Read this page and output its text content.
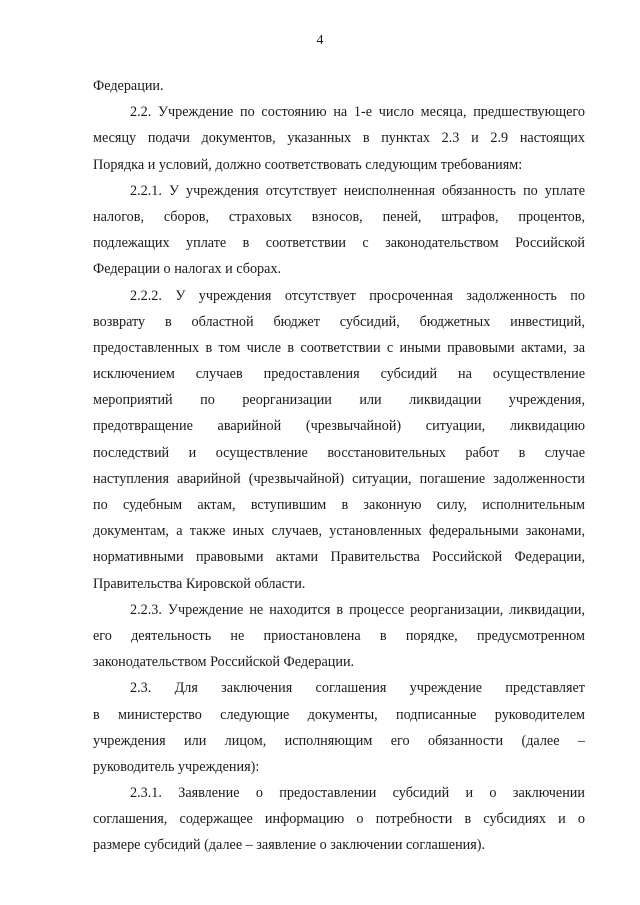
4
Федерации.
2.2. Учреждение по состоянию на 1-е число месяца, предшествующего
месяцу подачи документов, указанных в пунктах 2.3 и 2.9 настоящих
Порядка и условий, должно соответствовать следующим требованиям:
2.2.1. У учреждения отсутствует неисполненная обязанность по уплате
налогов, сборов, страховых взносов, пеней, штрафов, процентов,
подлежащих уплате в соответствии с законодательством Российской
Федерации о налогах и сборах.
2.2.2. У учреждения отсутствует просроченная задолженность по
возврату в областной бюджет субсидий, бюджетных инвестиций,
предоставленных в том числе в соответствии с иными правовыми актами, за
исключением случаев предоставления субсидий на осуществление
мероприятий по реорганизации или ликвидации учреждения,
предотвращение аварийной (чрезвычайной) ситуации, ликвидацию
последствий и осуществление восстановительных работ в случае
наступления аварийной (чрезвычайной) ситуации, погашение задолженности
по судебным актам, вступившим в законную силу, исполнительным
документам, а также иных случаев, установленных федеральными законами,
нормативными правовыми актами Правительства Российской Федерации,
Правительства Кировской области.
2.2.3. Учреждение не находится в процессе реорганизации, ликвидации,
его деятельность не приостановлена в порядке, предусмотренном
законодательством Российской Федерации.
2.3. Для заключения соглашения учреждение представляет
в министерство следующие документы, подписанные руководителем
учреждения или лицом, исполняющим его обязанности (далее –
руководитель учреждения):
2.3.1. Заявление о предоставлении субсидий и о заключении
соглашения, содержащее информацию о потребности в субсидиях и о
размере субсидий (далее – заявление о заключении соглашения).
